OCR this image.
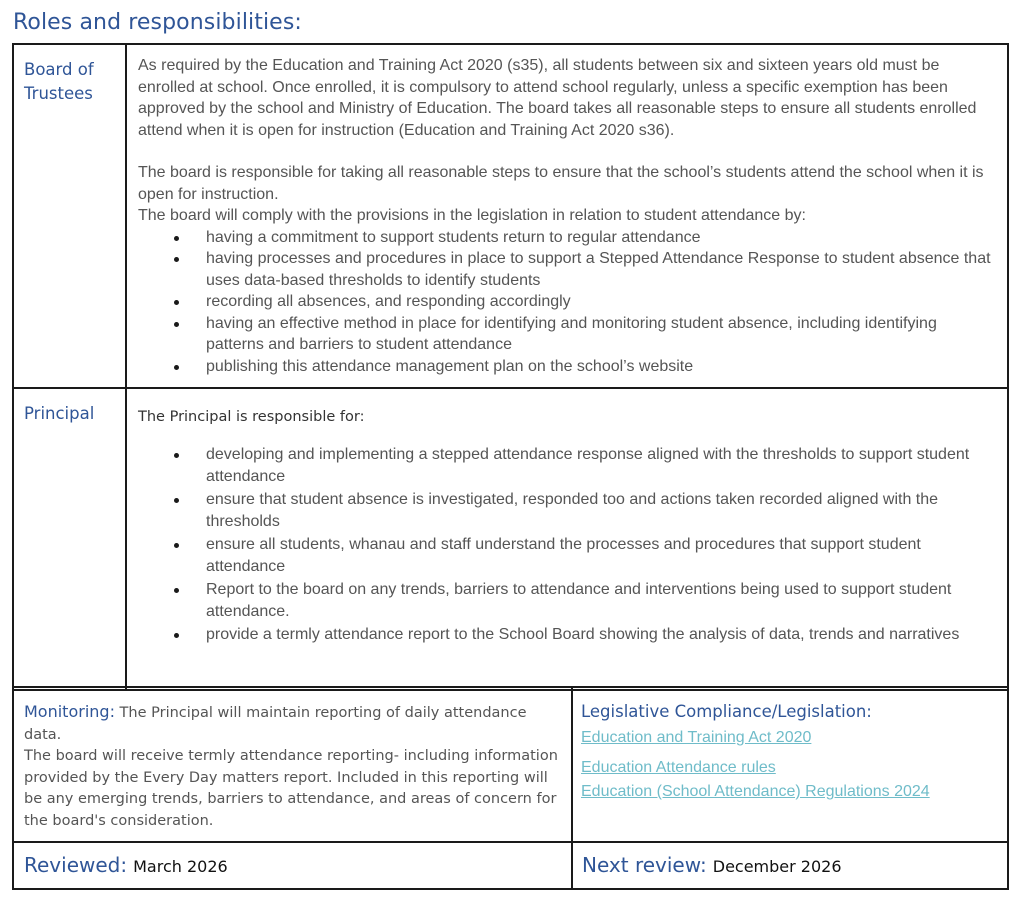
Roles and responsibilities:
Board of Trustees

As required by the Education and Training Act 2020 (s35), all students between six and sixteen years old must be enrolled at school. Once enrolled, it is compulsory to attend school regularly, unless a specific exemption has been approved by the school and Ministry of Education. The board takes all reasonable steps to ensure all students enrolled attend when it is open for instruction (Education and Training Act 2020 s36).

The board is responsible for taking all reasonable steps to ensure that the school’s students attend the school when it is open for instruction.

The board will comply with the provisions in the legislation in relation to student attendance by:

having a commitment to support students return to regular attendance
having processes and procedures in place to support a Stepped Attendance Response to student absence that uses data-based thresholds to identify students
recording all absences, and responding accordingly
having an effective method in place for identifying and monitoring student absence, including identifying patterns and barriers to student attendance
publishing this attendance management plan on the school’s website
Principal	The Principal is responsible for:

developing and implementing a stepped attendance response aligned with the thresholds to support student attendance
ensure that student absence is investigated, responded too and actions taken recorded aligned with the thresholds
ensure all students, whanau and staff understand the processes and procedures that support student attendance
Report to the board on any trends, barriers to attendance and interventions being used to support student attendance.
provide a termly attendance report to the School Board showing the analysis of data, trends and narratives
Monitoring: The Principal will maintain reporting of daily attendance data.
The board will receive termly attendance reporting- including information provided by the Every Day matters report. Included in this reporting will be any emerging trends, barriers to attendance, and areas of concern for the board's consideration.
Legislative Compliance/Legislation:
Education and Training Act 2020
Education Attendance rules
Education (School Attendance) Regulations 2024
Reviewed: March 2026	Next review: December 2026
